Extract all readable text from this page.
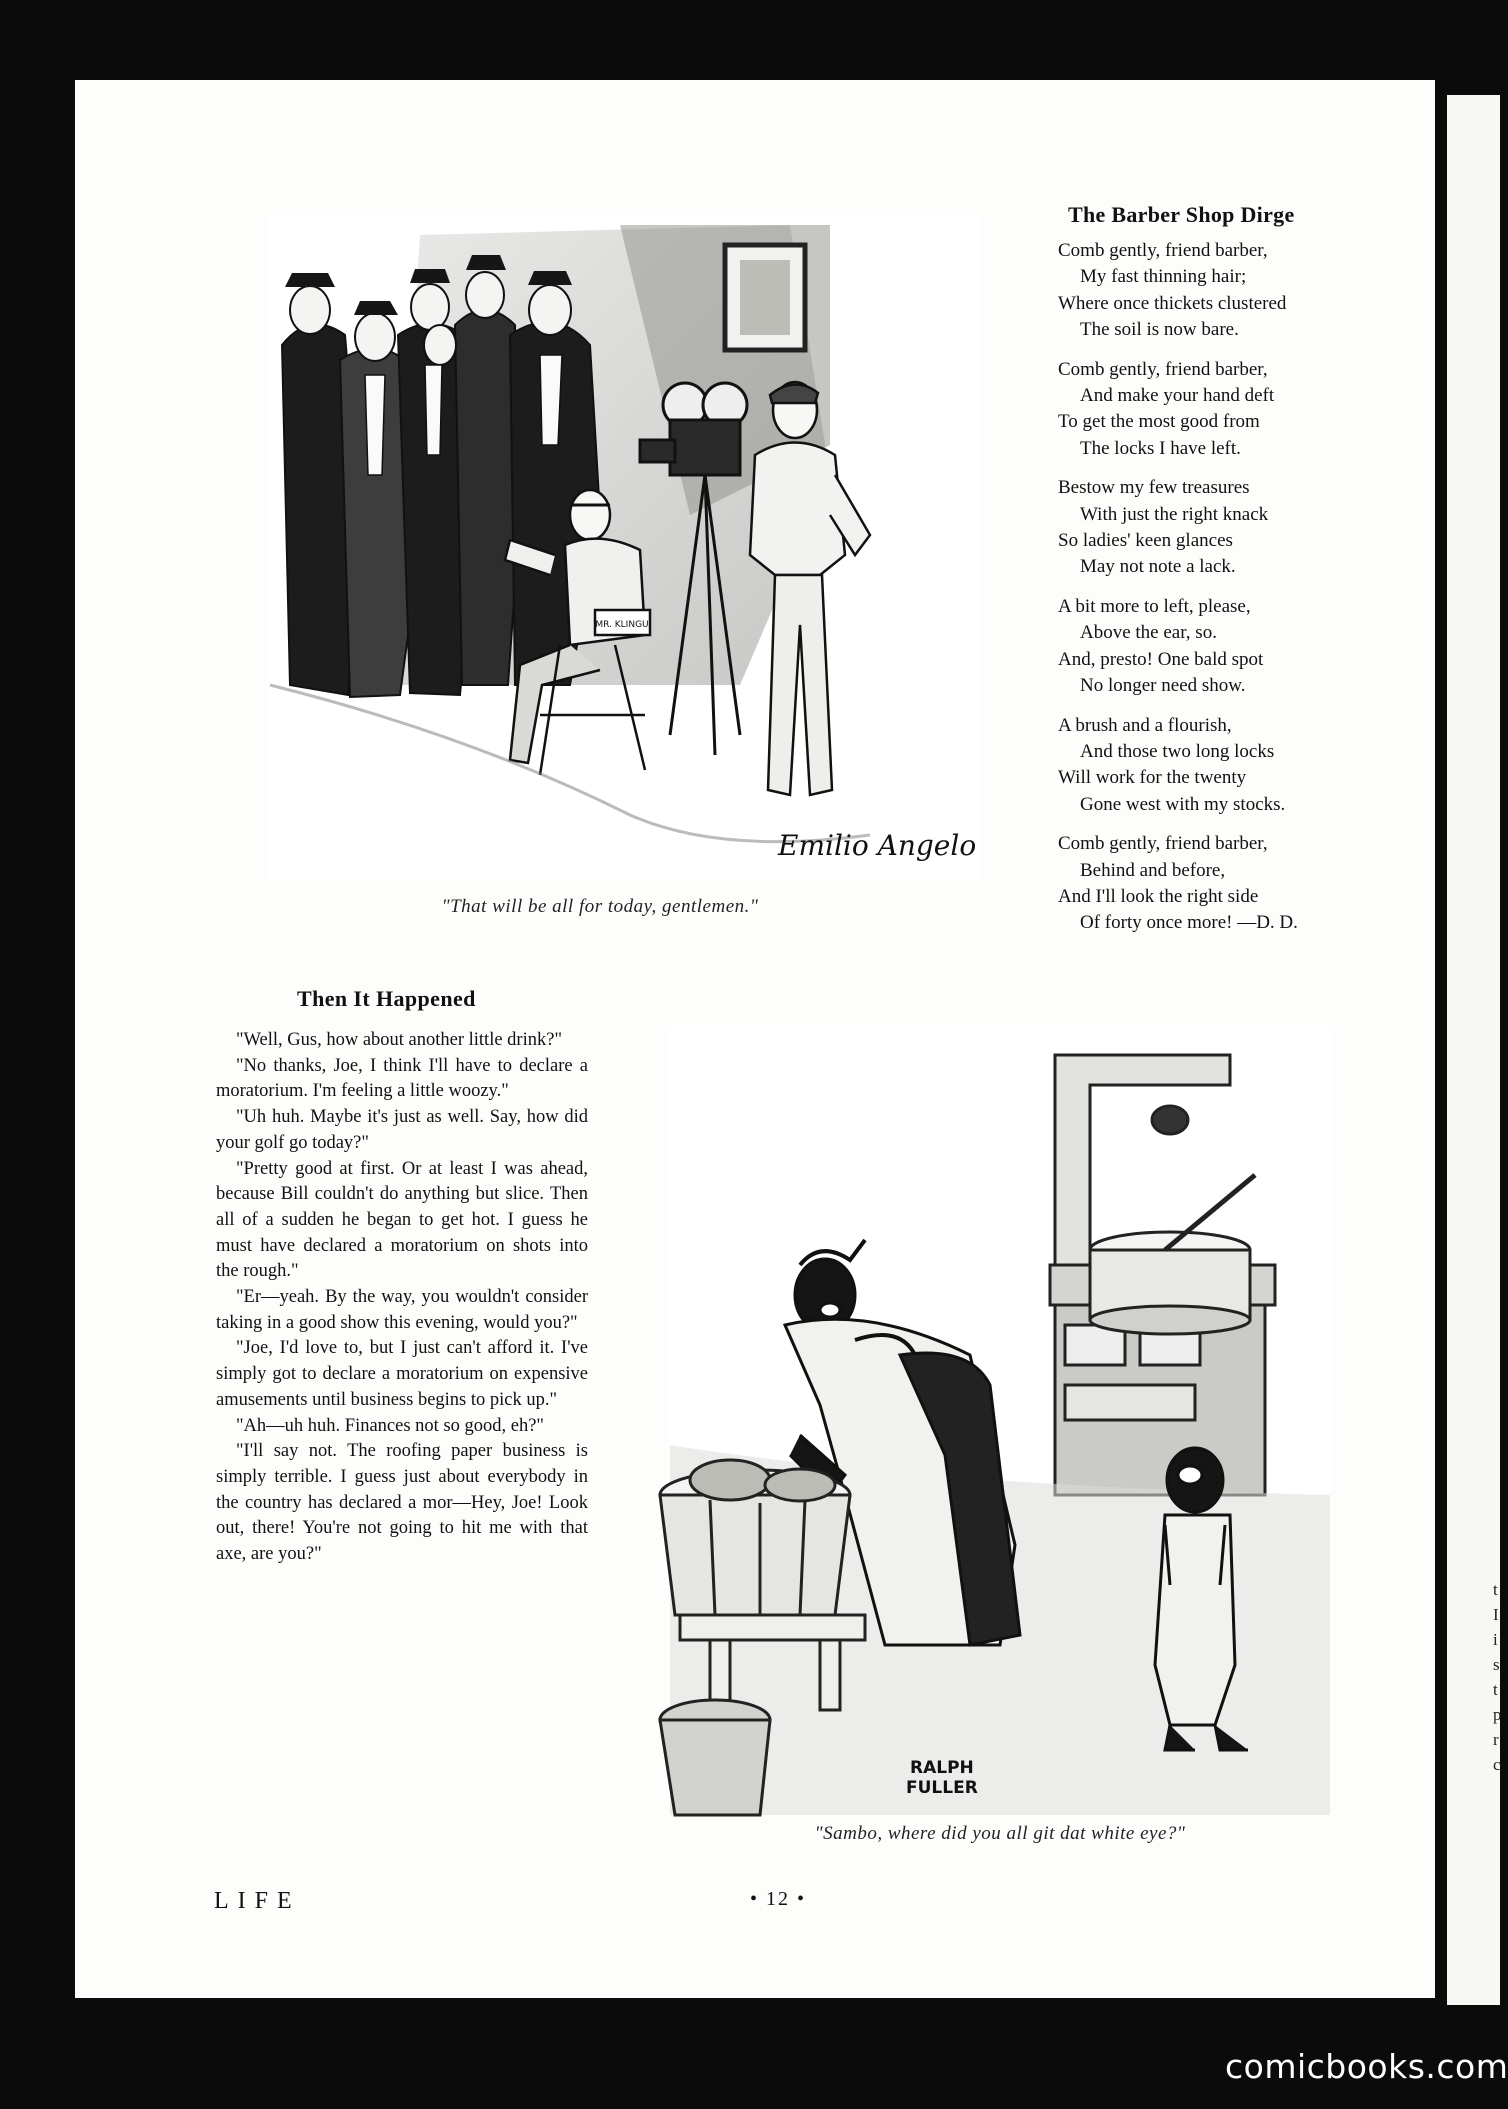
t
I
i
s
t
p
r
c
MR. KLINGU
Emilio Angelo
"That will be all for today, gentlemen."
The Barber Shop Dirge
Comb gently, friend barber,
My fast thinning hair;
Where once thickets clustered
The soil is now bare.
Comb gently, friend barber,
And make your hand deft
To get the most good from
The locks I have left.
Bestow my few treasures
With just the right knack
So ladies' keen glances
May not note a lack.
A bit more to left, please,
Above the ear, so.
And, presto! One bald spot
No longer need show.
A brush and a flourish,
And those two long locks
Will work for the twenty
Gone west with my stocks.
Comb gently, friend barber,
Behind and before,
And I'll look the right side
Of forty once more! —D. D.
Then It Happened

"Well, Gus, how about another little drink?"

"No thanks, Joe, I think I'll have to declare a moratorium. I'm feeling a little woozy."

"Uh huh. Maybe it's just as well. Say, how did your golf go today?"

"Pretty good at first. Or at least I was ahead, because Bill couldn't do anything but slice. Then all of a sudden he began to get hot. I guess he must have declared a moratorium on shots into the rough."

"Er—yeah. By the way, you wouldn't consider taking in a good show this evening, would you?"

"Joe, I'd love to, but I just can't afford it. I've simply got to declare a moratorium on expensive amusements until business begins to pick up."

"Ah—uh huh. Finances not so good, eh?"

"I'll say not. The roofing paper business is simply terrible. I guess just about everybody in the country has declared a mor—Hey, Joe! Look out, there! You're not going to hit me with that axe, are you?"

RALPH
FULLER
"Sambo, where did you all git dat white eye?"
LIFE	• 12 •
comicbooks.com
